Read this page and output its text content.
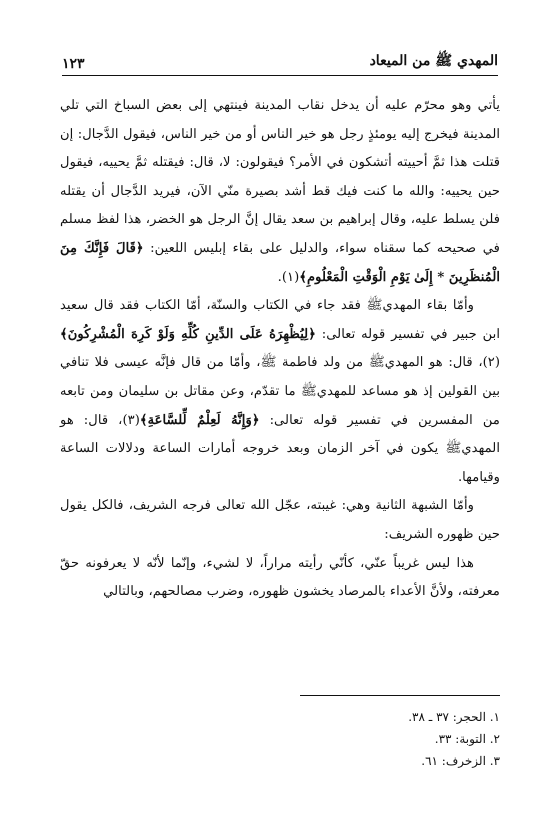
المهدي ﷺ من الميعاد
١٢٣

يأتي وهو محرّم عليه أن يدخل نقاب المدينة فينتهي إلى بعض السباخ التي تلي المدينة فيخرج إليه يومئذٍ رجل هو خير الناس أو من خير الناس، فيقول الدَّجال: إن قتلت هذا ثمَّ أحييته أتشكون في الأمر؟ فيقولون: لا، قال: فيقتله ثمَّ يحييه، فيقول حين يحييه: والله ما كنت فيك قط أشد بصيرة منّي الآن، فيريد الدَّجال أن يقتله فلن يسلط عليه، وقال إبراهيم بن سعد يقال إنَّ الرجل هو الخضر، هذا لفظ مسلم في صحيحه كما سقناه سواء، والدليل على بقاء إبليس اللعين: ﴿قَالَ فَإِنَّكَ مِنَ الْمُنظَرِينَ * إِلَىٰ يَوْمِ الْوَقْتِ الْمَعْلُومِ﴾(١).

وأمّا بقاء المهديﷺ فقد جاء في الكتاب والسنّة، أمّا الكتاب فقد قال سعيد ابن جبير في تفسير قوله تعالى: ﴿لِيُظْهِرَهُ عَلَى الدِّينِ كُلِّهِ وَلَوْ كَرِهَ الْمُشْرِكُونَ﴾(٢)، قال: هو المهديﷺ من ولد فاطمة ﷺ، وأمّا من قال فإنَّه عيسى فلا تنافي بين القولين إذ هو مساعد للمهديﷺ ما تقدّم، وعن مقاتل بن سليمان ومن تابعه من المفسرين في تفسير قوله تعالى: ﴿وَإِنَّهُ لَعِلْمٌ لِّلسَّاعَةِ﴾(٣)، قال: هو المهديﷺ يكون في آخر الزمان وبعد خروجه أمارات الساعة ودلالات الساعة وقيامها.

وأمّا الشبهة الثانية وهي: غيبته، عجّل الله تعالى فرجه الشريف، فالكل يقول حين ظهوره الشريف:

هذا ليس غريباً عنّي، كأنّي رأيته مراراً، لا لشيء، وإنّما لأنّه لا يعرفونه حقّ معرفته، ولأنَّ الأعداء بالمرصاد يخشون ظهوره، وضرب مصالحهم، وبالتالي

١. الحجر: ٣٧ ـ ٣٨.
٢. التوبة: ٣٣.
٣. الزخرف: ٦١.
